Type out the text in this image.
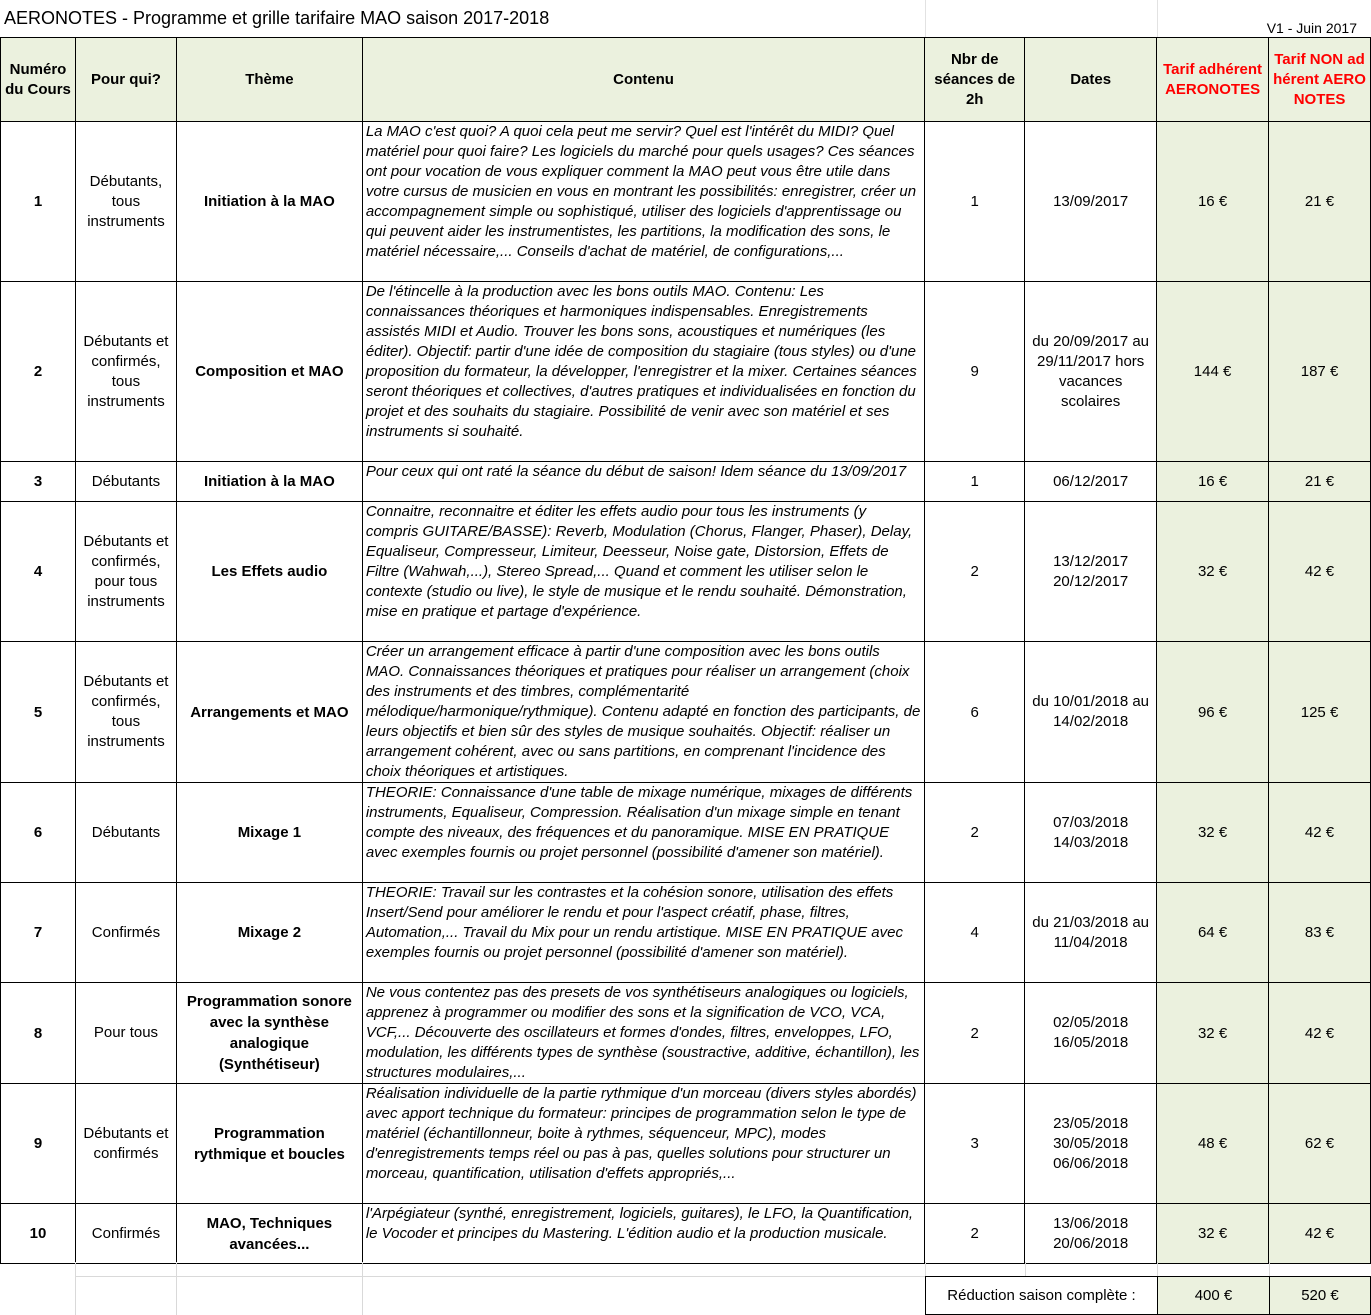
AERONOTES - Programme et grille tarifaire MAO saison 2017-2018	V1 - Juin 2017
Numéro du Cours	Pour qui?	Thème	Contenu	Nbr de séances de 2h	Dates	Tarif adhérent AERONOTES	Tarif NON adhérent AERONOTES
1	Débutants, tous instruments	Initiation à la MAO	La MAO c'est quoi? A quoi cela peut me servir? Quel est l'intérêt du MIDI? Quel matériel pour quoi faire? Les logiciels du marché pour quels usages? Ces séances ont pour vocation de vous expliquer comment la MAO peut vous être utile dans votre cursus de musicien en vous en montrant les possibilités: enregistrer, créer un accompagnement simple ou sophistiqué, utiliser des logiciels d'apprentissage ou qui peuvent aider les instrumentistes, les partitions, la modification des sons, le matériel nécessaire,... Conseils d'achat de matériel, de configurations,...	1	13/09/2017	16 €	21 €
2	Débutants et confirmés, tous instruments	Composition et MAO	De l'étincelle à la production avec les bons outils MAO. Contenu: Les connaissances théoriques et harmoniques indispensables. Enregistrements assistés MIDI et Audio. Trouver les bons sons, acoustiques et numériques (les éditer). Objectif: partir d'une idée de composition du stagiaire (tous styles) ou d'une proposition du formateur, la développer, l'enregistrer et la mixer. Certaines séances seront théoriques et collectives, d'autres pratiques et individualisées en fonction du projet et des souhaits du stagiaire. Possibilité de venir avec son matériel et ses instruments si souhaité.	9	du 20/09/2017 au 29/11/2017 hors vacances scolaires	144 €	187 €
3	Débutants	Initiation à la MAO	Pour ceux qui ont raté la séance du début de saison! Idem séance du 13/09/2017	1	06/12/2017	16 €	21 €
4	Débutants et confirmés, pour tous instruments	Les Effets audio	Connaitre, reconnaitre et éditer les effets audio pour tous les instruments (y compris GUITARE/BASSE): Reverb, Modulation (Chorus, Flanger, Phaser), Delay, Equaliseur, Compresseur, Limiteur, Deesseur, Noise gate, Distorsion, Effets de Filtre (Wahwah,...), Stereo Spread,... Quand et comment les utiliser selon le contexte (studio ou live), le style de musique et le rendu souhaité. Démonstration, mise en pratique et partage d'expérience.	2	13/12/2017 20/12/2017	32 €	42 €
5	Débutants et confirmés, tous instruments	Arrangements et MAO	Créer un arrangement efficace à partir d'une composition avec les bons outils MAO. Connaissances théoriques et pratiques pour réaliser un arrangement (choix des instruments et des timbres, complémentarité mélodique/harmonique/rythmique). Contenu adapté en fonction des participants, de leurs objectifs et bien sûr des styles de musique souhaités. Objectif: réaliser un arrangement cohérent, avec ou sans partitions, en comprenant l'incidence des choix théoriques et artistiques.	6	du 10/01/2018 au 14/02/2018	96 €	125 €
6	Débutants	Mixage 1	THEORIE: Connaissance d'une table de mixage numérique, mixages de différents instruments, Equaliseur, Compression. Réalisation d'un mixage simple en tenant compte des niveaux, des fréquences et du panoramique. MISE EN PRATIQUE avec exemples fournis ou projet personnel (possibilité d'amener son matériel).	2	07/03/2018 14/03/2018	32 €	42 €
7	Confirmés	Mixage 2	THEORIE: Travail sur les contrastes et la cohésion sonore, utilisation des effets Insert/Send pour améliorer le rendu et pour l'aspect créatif, phase, filtres, Automation,... Travail du Mix pour un rendu artistique. MISE EN PRATIQUE avec exemples fournis ou projet personnel (possibilité d'amener son matériel).	4	du 21/03/2018 au 11/04/2018	64 €	83 €
8	Pour tous	Programmation sonore avec la synthèse analogique (Synthétiseur)	Ne vous contentez pas des presets de vos synthétiseurs analogiques ou logiciels, apprenez à programmer ou modifier des sons et la signification de VCO, VCA, VCF,... Découverte des oscillateurs et formes d'ondes, filtres, enveloppes, LFO, modulation, les différents types de synthèse (soustractive, additive, échantillon), les structures modulaires,...	2	02/05/2018 16/05/2018	32 €	42 €
9	Débutants et confirmés	Programmation rythmique et boucles	Réalisation individuelle de la partie rythmique d'un morceau (divers styles abordés) avec apport technique du formateur: principes de programmation selon le type de matériel (échantillonneur, boite à rythmes, séquenceur, MPC), modes d'enregistrements temps réel ou pas à pas, quelles solutions pour structurer un morceau, quantification, utilisation d'effets appropriés,...	3	23/05/2018 30/05/2018 06/06/2018	48 €	62 €
10	Confirmés	MAO, Techniques avancées...	l'Arpégiateur (synthé, enregistrement, logiciels, guitares), le LFO, la Quantification, le Vocoder et principes du Mastering. L'édition audio et la production musicale.	2	13/06/2018 20/06/2018	32 €	42 €
Réduction saison complète :	400 €	520 €
